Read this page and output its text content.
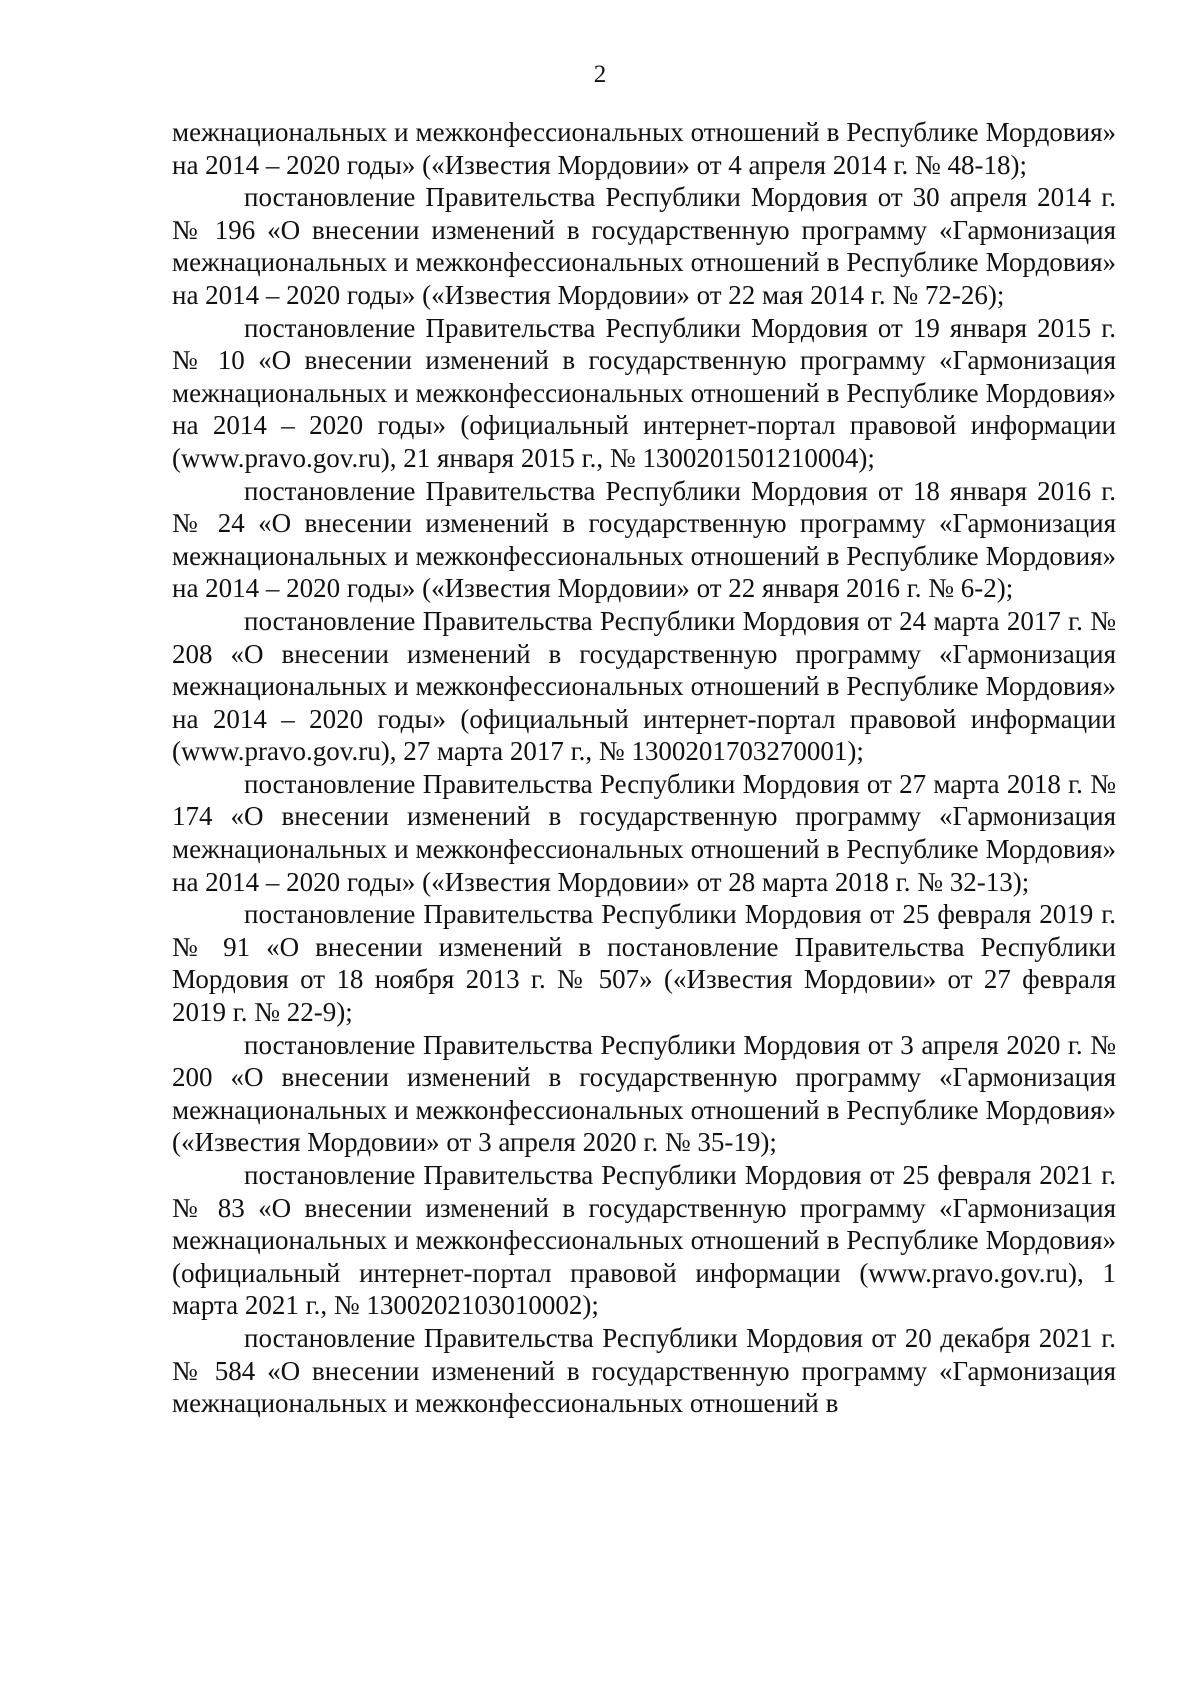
2

межнациональных и межконфессиональных отношений в Республике Мордовия» на 2014 – 2020 годы» («Известия Мордовии» от 4 апреля 2014 г. № 48-18);

постановление Правительства Республики Мордовия от 30 апреля 2014 г. № 196 «О внесении изменений в государственную программу «Гармонизация межнациональных и межконфессиональных отношений в Республике Мордовия» на 2014 – 2020 годы» («Известия Мордовии» от 22 мая 2014 г. № 72-26);

постановление Правительства Республики Мордовия от 19 января 2015 г. № 10 «О внесении изменений в государственную программу «Гармонизация межнациональных и межконфессиональных отношений в Республике Мордовия» на 2014 – 2020 годы» (официальный интернет-портал правовой информации (www.pravo.gov.ru), 21 января 2015 г., № 1300201501210004);

постановление Правительства Республики Мордовия от 18 января 2016 г. № 24 «О внесении изменений в государственную программу «Гармонизация межнациональных и межконфессиональных отношений в Республике Мордовия» на 2014 – 2020 годы» («Известия Мордовии» от 22 января 2016 г. № 6-2);

постановление Правительства Республики Мордовия от 24 марта 2017 г. № 208 «О внесении изменений в государственную программу «Гармонизация межнациональных и межконфессиональных отношений в Республике Мордовия» на 2014 – 2020 годы» (официальный интернет-портал правовой информации (www.pravo.gov.ru), 27 марта 2017 г., № 1300201703270001);

постановление Правительства Республики Мордовия от 27 марта 2018 г. № 174 «О внесении изменений в государственную программу «Гармонизация межнациональных и межконфессиональных отношений в Республике Мордовия» на 2014 – 2020 годы» («Известия Мордовии» от 28 марта 2018 г. № 32-13);

постановление Правительства Республики Мордовия от 25 февраля 2019 г. № 91 «О внесении изменений в постановление Правительства Республики Мордовия от 18 ноября 2013 г. № 507» («Известия Мордовии» от 27 февраля 2019 г. № 22-9);

постановление Правительства Республики Мордовия от 3 апреля 2020 г. № 200 «О внесении изменений в государственную программу «Гармонизация межнациональных и межконфессиональных отношений в Республике Мордовия» («Известия Мордовии» от 3 апреля 2020 г. № 35-19);

постановление Правительства Республики Мордовия от 25 февраля 2021 г. № 83 «О внесении изменений в государственную программу «Гармонизация межнациональных и межконфессиональных отношений в Республике Мордовия» (официальный интернет-портал правовой информации (www.pravo.gov.ru), 1 марта 2021 г., № 1300202103010002);

постановление Правительства Республики Мордовия от 20 декабря 2021 г. № 584 «О внесении изменений в государственную программу «Гармонизация межнациональных и межконфессиональных отношений в
